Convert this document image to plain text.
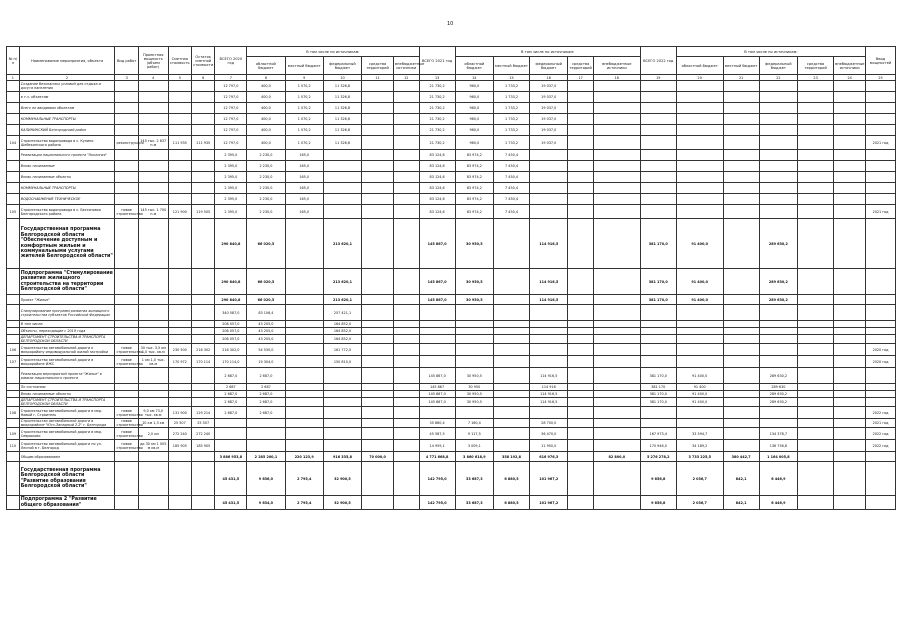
10
№ п/п	Наименование мероприятия, объекта	Вид работ	Проектная мощность (объем работ)	Сметная стоимость	Остаток сметной стоимости	ВСЕГО 2020 год	В том числе по источникам:					ВСЕГО 2021 год	В том числе по источникам:					ВСЕГО 2022 год	В том числе по источникам:					Ввод мощностей
							областной бюджет	местный бюджет	федеральный бюджет	средства территорий	внебюджетные источники		областной бюджет	местный бюджет	федеральный бюджет	средства территорий	внебюджетные источники		областной бюджет	местный бюджет	федеральный бюджет	средства территорий	внебюджетные источники	
1	2	3	4	5	6	7	8	9	10	11	12	13	14	15	16	17	18	19	20	21	22	23	24	25
	Создание безопасных условий для отдыха и досуга населения					12 797,0	400,0	1 070,2	11 326,8			21 730,2	960,0	1 733,2	19 037,0									
	в т.ч. объектам					12 797,0	400,0	1 070,2	11 326,8			21 730,2	960,0	1 733,2	19 037,0									
	Всего по вводимым объектам					12 797,0	400,0	1 070,2	11 326,8			21 730,2	960,0	1 733,2	19 037,0									
	КОММУНАЛЬНЫЕ ТРАНСПОРТЫ					12 797,0	400,0	1 070,2	11 326,8			21 730,2	960,0	1 733,2	19 037,0									
	КАЛИНИНСКИЙ Белгородский район					12 797,0	400,0	1 070,2	11 326,8			21 730,2	960,0	1 733,2	19 037,0									
104	Строительство водопровода в с. Купино Шебекинского района	реконструкция	145 тыс. 2 837 п.м	111 935	111 935	12 797,0	400,0	1 070,2	11 326,8			21 730,2	960,0	1 733,2	19 037,0									2021 год
	Реализация национального проекта "Экология"					2 395,0	2 230,0	165,0				83 124,6	83 974,2	7 450,4										
	Вновь начинаемые					2 395,0	2 230,0	165,0				83 124,6	83 974,2	7 450,4										
	Вновь начинаемые объекты					2 395,0	2 230,0	165,0				83 124,6	83 974,2	7 450,4										
	КОММУНАЛЬНЫЕ ТРАНСПОРТЫ					2 395,0	2 230,0	165,0				83 124,6	83 974,2	7 450,4										
	ВОДОСНАБЖЕНИЕ ТЕХНИЧЕСКОЕ					2 395,0	2 230,0	165,0				83 124,6	83 974,2	7 450,4										
105	Строительство водопровода в с. Бессоновка Белгородского района	новое строительство	145 тыс. 1 700 п.м	121 900	119 505	2 395,0	2 230,0	165,0				83 124,6	83 974,2	7 450,4										2021 год
	Государственная программа Белгородской области "Обеспечение доступным и комфортным жильем и коммунальными услугами жителей Белгородской области"					290 840,8	66 020,5		213 620,1			145 867,0	30 950,5		114 916,5			381 170,0	91 400,0		289 630,2			
	Подпрограмма "Стимулирование развития жилищного строительства на территории Белгородской области"					290 840,8	66 020,5		213 620,1			145 867,0	30 950,5		114 916,5			381 170,0	91 400,0		289 630,2			
	Проект "Жилье"					290 840,8	66 020,5		213 620,1			145 867,0	30 950,5		114 916,5			381 170,0	91 400,0		289 630,2			
	Стимулирование программ развития жилищного строительства субъектов Российской Федерации					340 587,0	83 106,4		257 421,1															
	В том числе:					208 057,0	43 205,0		164 852,0															
	Объекты, переходящие с 2019 года					208 057,0	43 205,0		164 852,0															
	ДЕПАРТАМЕНТ СТРОИТЕЛЬСТВА И ТРАНСПОРТА БЕЛГОРОДСКОЙ ОБЛАСТИ					208 057,0	43 205,0		164 852,0															
106	Строительство автомобильной дороги к микрорайону индивидуальной жилой застройки	новое строительство	30 тыс. 3,5 км 1,0 тыс. кв.м	230 500	216 302	216 302,0	54 530,0		161 772,0															2020 год
107	Строительство автомобильной дороги в микрорайоне ИЖС	новое строительство	1 км 1,0 тыс. кв.м	170 972	170 114	170 114,0	19 304,0		150 810,0															2020 год
	Реализация мероприятий проекта "Жилье" в рамках национального проекта					2 687,0	2 687,0					145 867,0	30 950,5		114 916,5			381 170,0	91 400,0		289 630,2			
	По состоянию					2 687	2 687					145 867	30 950		114 916			381 170	91 400		289 630			
	Вновь начинаемые объекты					2 687,0	2 687,0					145 867,0	30 950,5		114 916,5			381 170,0	91 400,0		289 630,2			
	ДЕПАРТАМЕНТ СТРОИТЕЛЬСТВА И ТРАНСПОРТА БЕЛГОРОДСКОЙ ОБЛАСТИ					2 687,0	2 687,0					145 867,0	30 950,5		114 916,5			381 170,0	91 400,0		289 630,2			
108	Строительство автомобильной дороги в мкр. Новый г. Строитель	новое строительство	9,0 км 73,0 тыс. кв.м	131 900	129 214	2 687,0	2 687,0																	2022 год
	Строительство автомобильной дороги в микрорайоне "Юго-Западный 2.2" г. Белгорода	новое строительство	10 км 1,3 км	25 507	25 507							35 860,4	7 160,4		28 700,0									2021 год
109	Строительство автомобильной дороги в мкр. Севрюково	новое строительство	2,0 км	272 240	272 240							45 587,5	9 117,5		36 470,0			167 973,4	33 594,7		134 378,7			2022 год
110	Строительство автомобильной дороги по ул. Лесной в г. Белгород	новое строительство	до 30 км 1 005 м кв.м	185 905	185 905							14 959,1	3 009,1		11 950,0			170 946,0	34 189,2		136 756,8			2022 год
	Общим образованием					3 886 953,8	2 285 200,1	220 123,9	916 335,8	70 000,0		4 771 668,8	3 860 618,9	358 192,8	616 976,3		82 800,0	5 276 278,2	3 733 225,5	380 442,7	1 164 005,8			
	Государственная программа Белгородской области "Развитие образования Белгородской области"					45 431,5	9 636,0	2 795,4	32 900,5			142 795,0	33 687,3	6 880,5	101 967,2			9 856,8	2 036,7	842,1	6 446,9			
	Подпрограмма 2 "Развитие общего образования"					45 431,5	9 634,0	2 795,4	32 900,5			142 795,0	33 687,3	6 880,5	101 967,2			9 856,8	2 036,7	842,1	6 446,9			
